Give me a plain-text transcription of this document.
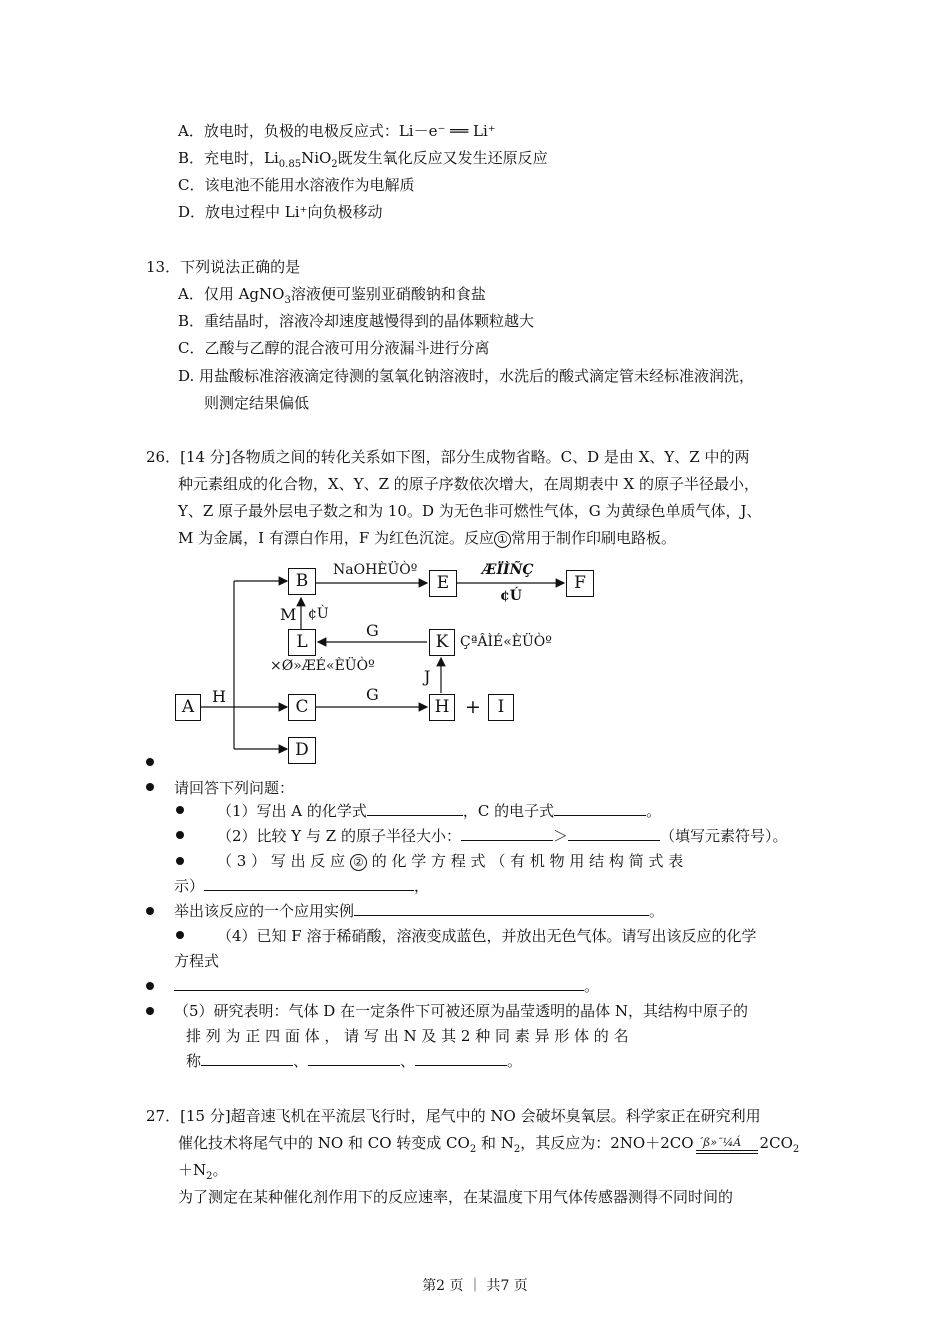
A．放电时，负极的电极反应式：Li－e⁻ ══ Li⁺
B．充电时，$Li_{0.85}NiO_2$既发生氧化反应又发生还原反应
C．该电池不能用水溶液作为电解质
D．放电过程中 Li⁺向负极移动
13．下列说法正确的是
A．仅用 AgNO$_3$溶液便可鉴别亚硝酸钠和食盐
B．重结晶时，溶液冷却速度越慢得到的晶体颗粒越大
C．乙酸与乙醇的混合液可用分液漏斗进行分离
D. 用盐酸标准溶液滴定待测的氢氧化钠溶液时，水洗后的酸式滴定管未经标准液润洗，
则测定结果偏低
26．[14 分]各物质之间的转化关系如下图，部分生成物省略。C、D 是由 X、Y、Z 中的两
种元素组成的化合物，X、Y、Z 的原子序数依次增大，在周期表中 X 的原子半径最小，
Y、Z 原子最外层电子数之和为 10。D 为无色非可燃性气体，G 为黄绿色单质气体，J、
M 为金属，I 有漂白作用，F 为红色沉淀。反应 ① 常用于制作印刷电路板。
A
B
C
D
E	F
L	K
H	I
+
H
NaOHÈÜÒº	ÆÏÌÑÇ
¢Ú
M ¢Ù
G
ÇªÂÌÉ«ÈÜÒº
×Ø»ÆÉ«ÈÜÒº
J
G
请回答下列问题：
（1）写出 A 的化学式	，C 的电子式	。
（2）比较 Y 与 Z 的原子半径大小：	＞	（填写元素符号）。
（ 3 ） 写 出 反 应 ② 的 化 学 方 程 式 （ 有 机 物 用 结 构 简 式 表
示）	，
举出该反应的一个应用实例	。
（4）已知 F 溶于稀硝酸，溶液变成蓝色，并放出无色气体。请写出该反应的化学
方程式
。
（5）研究表明：气体 D 在一定条件下可被还原为晶莹透明的晶体 N，其结构中原子的
排 列 为 正 四 面 体 ， 请 写 出 N 及 其 2 种 同 素 异 形 体 的 名
称	、	、	。
27．[15 分]超音速飞机在平流层飞行时，尾气中的 NO 会破坏臭氧层。科学家正在研究利用
催化技术将尾气中的 NO 和 CO 转变成 $CO_2$ 和 $N_2$，其反应为：2NO＋2CO ´ß»¯¼Á $2CO_2$
$+N_2$。
为了测定在某种催化剂作用下的反应速率，在某温度下用气体传感器测得不同时间的
第2 页 ｜ 共7 页
